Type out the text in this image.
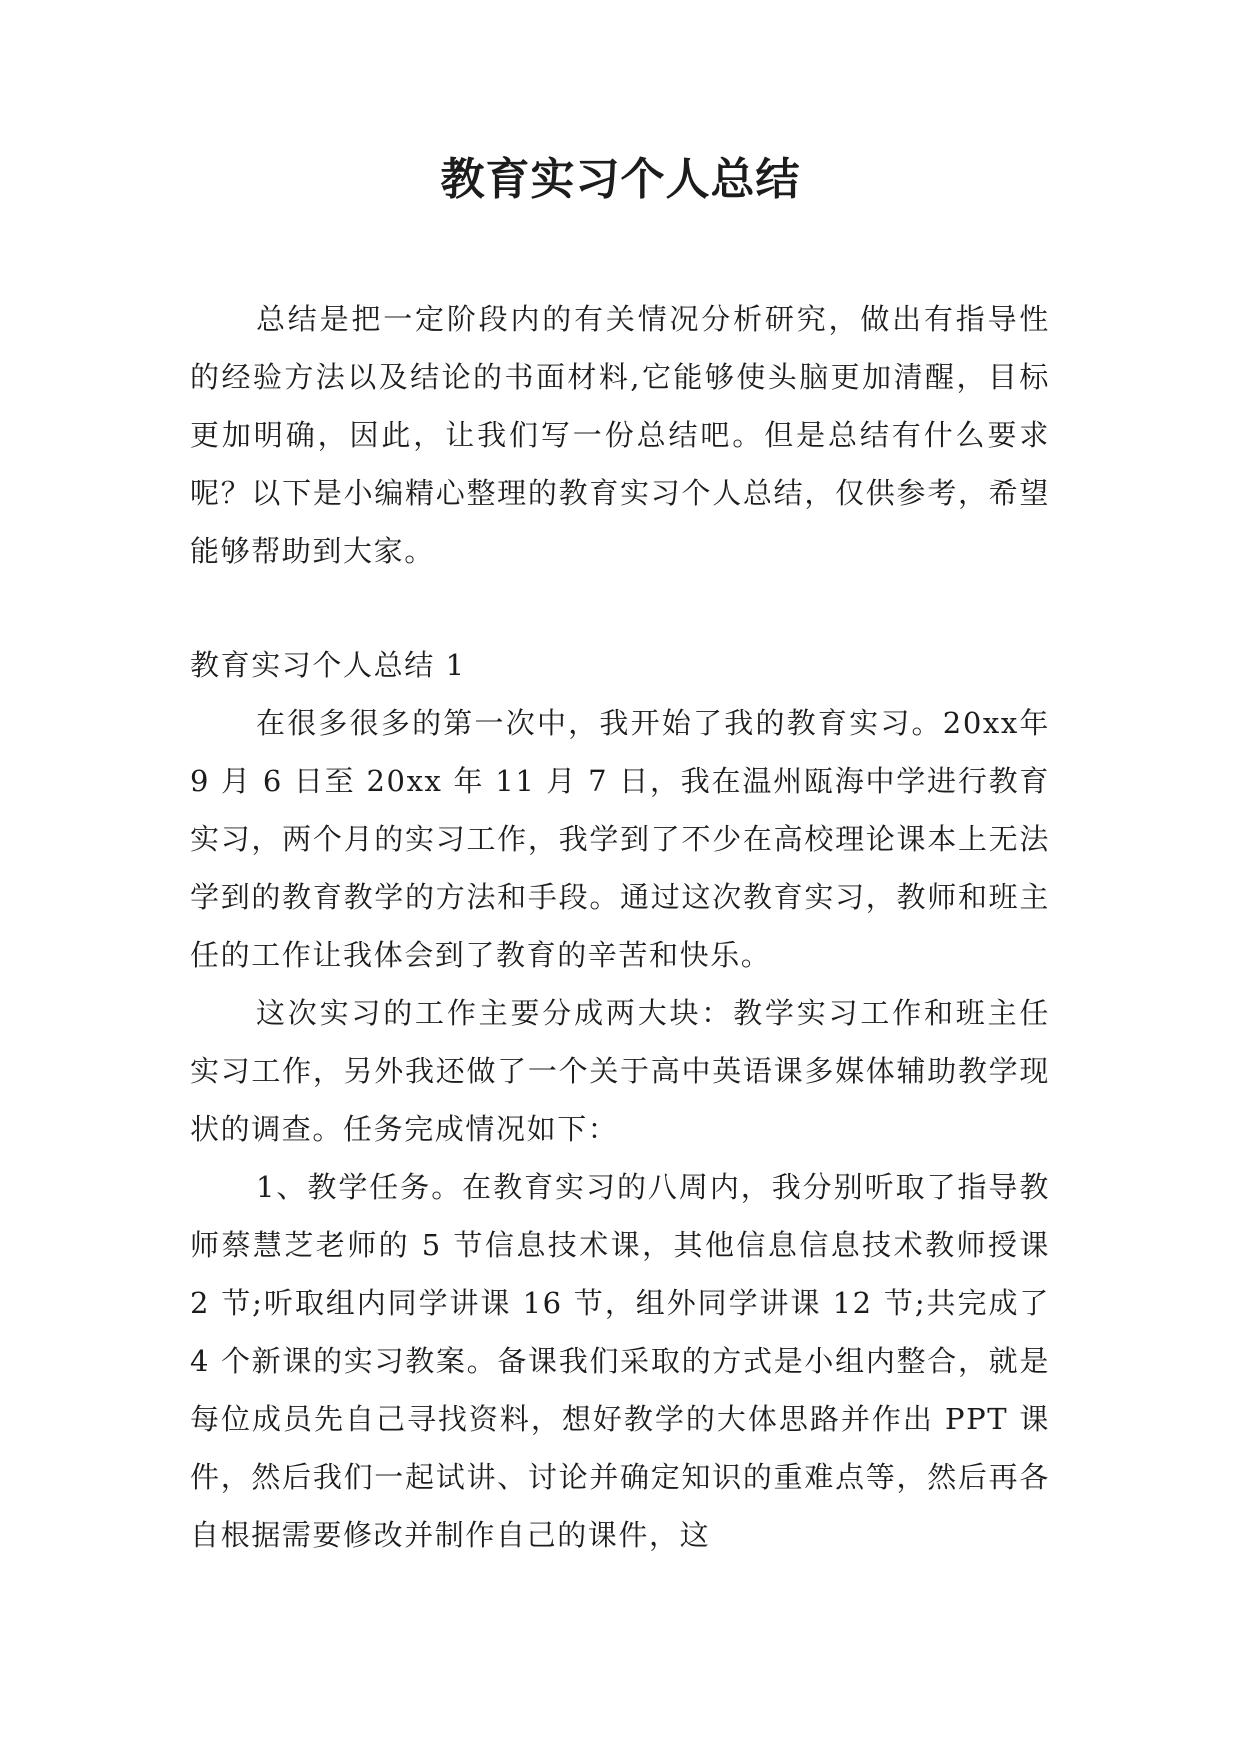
教育实习个人总结

总结是把一定阶段内的有关情况分析研究，做出有指导性的经验方法以及结论的书面材料,它能够使头脑更加清醒，目标更加明确，因此，让我们写一份总结吧。但是总结有什么要求呢？以下是小编精心整理的教育实习个人总结，仅供参考，希望能够帮助到大家。

教育实习个人总结 1

在很多很多的第一次中，我开始了我的教育实习。20xx年 9 月 6 日至 20xx 年 11 月 7 日，我在温州瓯海中学进行教育实习，两个月的实习工作，我学到了不少在高校理论课本上无法学到的教育教学的方法和手段。通过这次教育实习，教师和班主任的工作让我体会到了教育的辛苦和快乐。

这次实习的工作主要分成两大块：教学实习工作和班主任实习工作，另外我还做了一个关于高中英语课多媒体辅助教学现状的调查。任务完成情况如下：

1、教学任务。在教育实习的八周内，我分别听取了指导教师蔡慧芝老师的 5 节信息技术课，其他信息信息技术教师授课 2 节;听取组内同学讲课 16 节，组外同学讲课 12 节;共完成了 4 个新课的实习教案。备课我们采取的方式是小组内整合，就是每位成员先自己寻找资料，想好教学的大体思路并作出 PPT 课件，然后我们一起试讲、讨论并确定知识的重难点等，然后再各自根据需要修改并制作自己的课件，这
